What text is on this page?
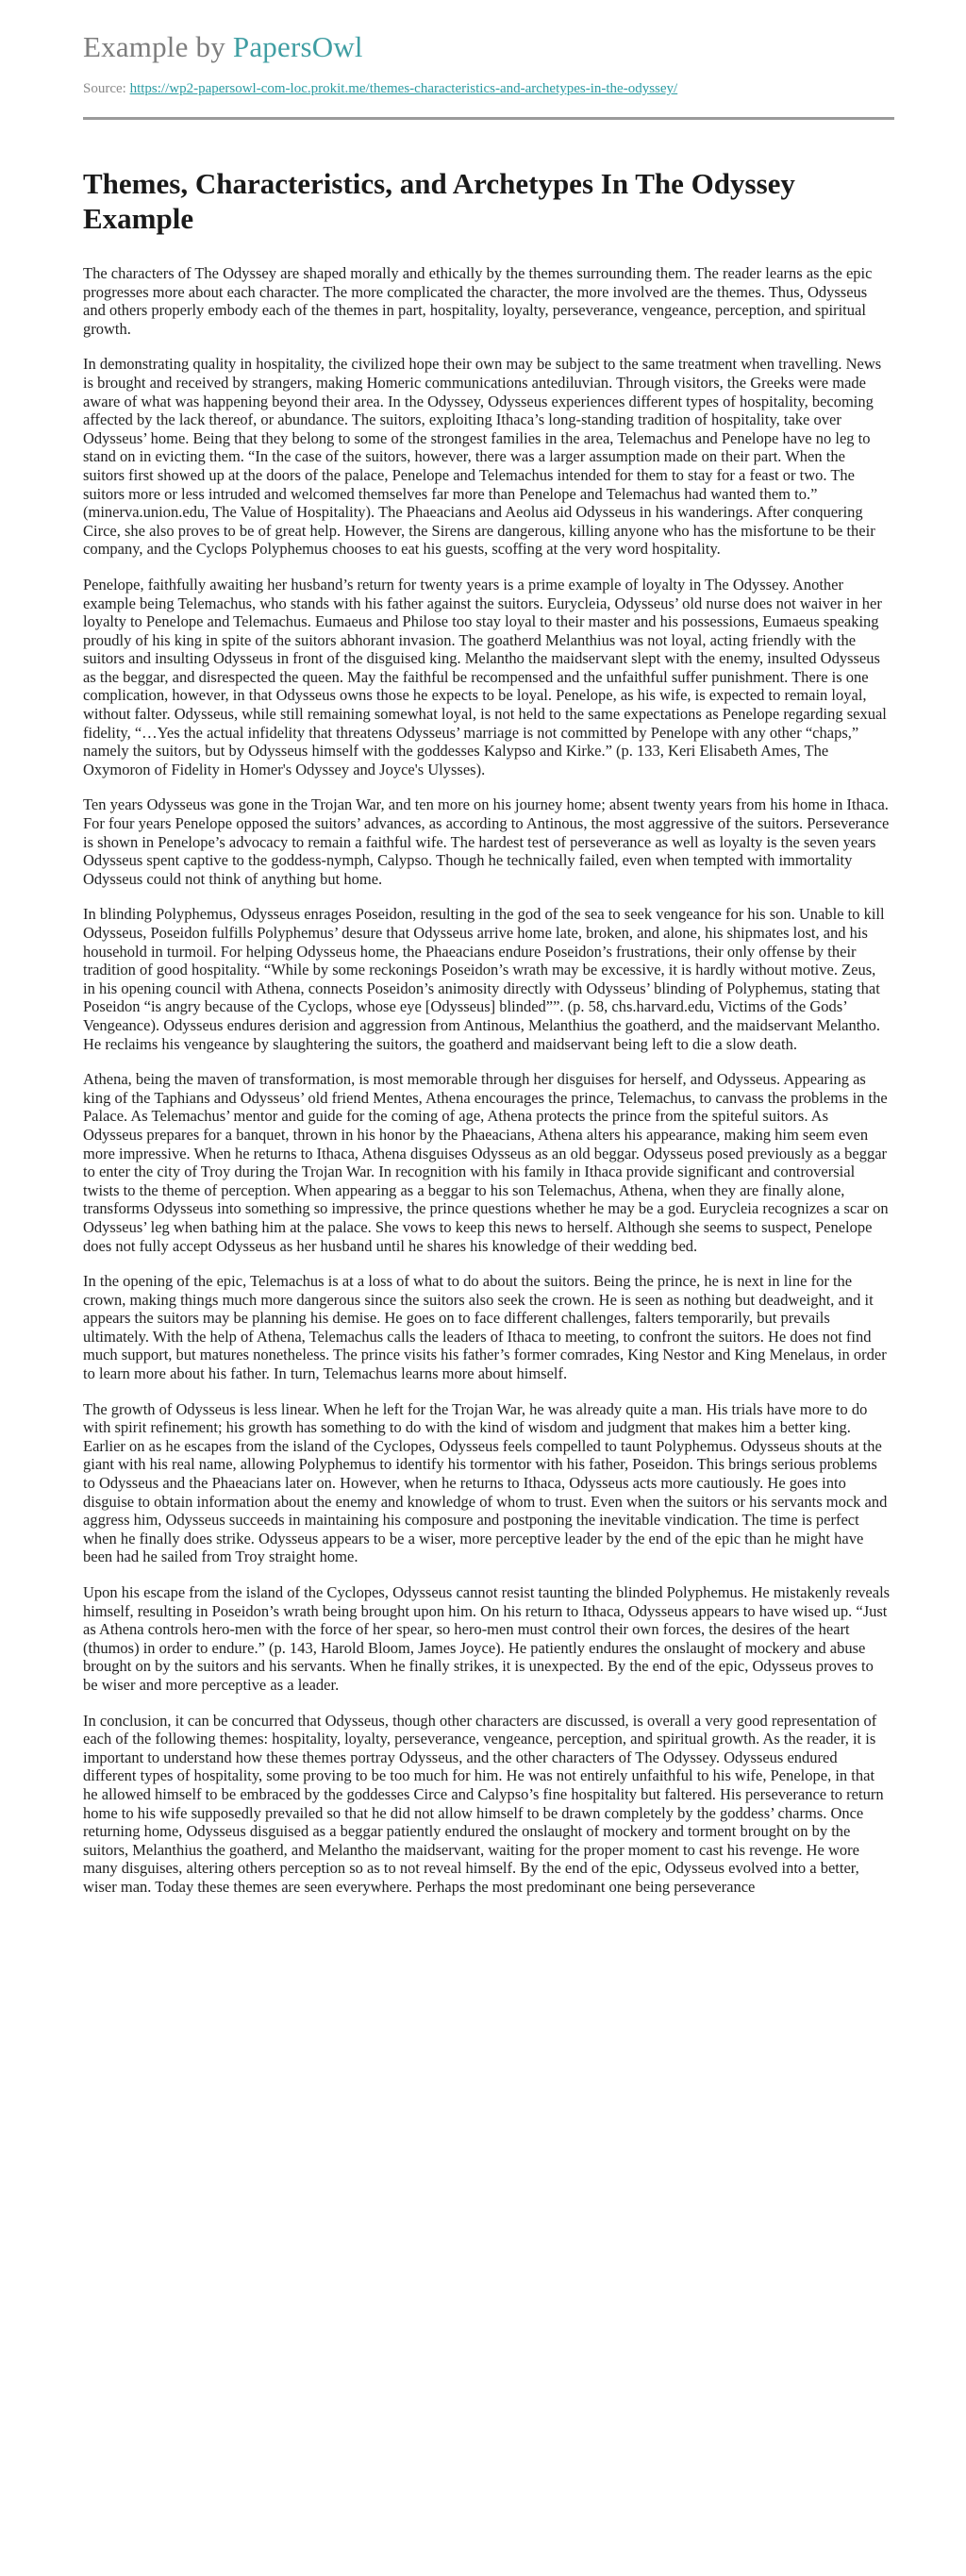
Example by PapersOwl

Source: https://wp2-papersowl-com-loc.prokit.me/themes-characteristics-and-archetypes-in-the-odyssey/
Themes, Characteristics, and Archetypes In The Odyssey Example

The characters of The Odyssey are shaped morally and ethically by the themes surrounding them. The reader learns as the epic progresses more about each character. The more complicated the character, the more involved are the themes. Thus, Odysseus and others properly embody each of the themes in part, hospitality, loyalty, perseverance, vengeance, perception, and spiritual growth.

In demonstrating quality in hospitality, the civilized hope their own may be subject to the same treatment when travelling. News is brought and received by strangers, making Homeric communications antediluvian. Through visitors, the Greeks were made aware of what was happening beyond their area. In the Odyssey, Odysseus experiences different types of hospitality, becoming affected by the lack thereof, or abundance. The suitors, exploiting Ithaca’s long-standing tradition of hospitality, take over Odysseus’ home. Being that they belong to some of the strongest families in the area, Telemachus and Penelope have no leg to stand on in evicting them. “In the case of the suitors, however, there was a larger assumption made on their part. When the suitors first showed up at the doors of the palace, Penelope and Telemachus intended for them to stay for a feast or two. The suitors more or less intruded and welcomed themselves far more than Penelope and Telemachus had wanted them to.” (minerva.union.edu, The Value of Hospitality). The Phaeacians and Aeolus aid Odysseus in his wanderings. After conquering Circe, she also proves to be of great help. However, the Sirens are dangerous, killing anyone who has the misfortune to be their company, and the Cyclops Polyphemus chooses to eat his guests, scoffing at the very word hospitality.

Penelope, faithfully awaiting her husband’s return for twenty years is a prime example of loyalty in The Odyssey. Another example being Telemachus, who stands with his father against the suitors. Eurycleia, Odysseus’ old nurse does not waiver in her loyalty to Penelope and Telemachus. Eumaeus and Philose too stay loyal to their master and his possessions, Eumaeus speaking proudly of his king in spite of the suitors abhorant invasion. The goatherd Melanthius was not loyal, acting friendly with the suitors and insulting Odysseus in front of the disguised king. Melantho the maidservant slept with the enemy, insulted Odysseus as the beggar, and disrespected the queen. May the faithful be recompensed and the unfaithful suffer punishment. There is one complication, however, in that Odysseus owns those he expects to be loyal. Penelope, as his wife, is expected to remain loyal, without falter. Odysseus, while still remaining somewhat loyal, is not held to the same expectations as Penelope regarding sexual fidelity, “…Yes the actual infidelity that threatens Odysseus’ marriage is not committed by Penelope with any other “chaps,” namely the suitors, but by Odysseus himself with the goddesses Kalypso and Kirke.” (p. 133, Keri Elisabeth Ames, The Oxymoron of Fidelity in Homer's Odyssey and Joyce's Ulysses).

Ten years Odysseus was gone in the Trojan War, and ten more on his journey home; absent twenty years from his home in Ithaca. For four years Penelope opposed the suitors’ advances, as according to Antinous, the most aggressive of the suitors. Perseverance is shown in Penelope’s advocacy to remain a faithful wife. The hardest test of perseverance as well as loyalty is the seven years Odysseus spent captive to the goddess-nymph, Calypso. Though he technically failed, even when tempted with immortality Odysseus could not think of anything but home.

In blinding Polyphemus, Odysseus enrages Poseidon, resulting in the god of the sea to seek vengeance for his son. Unable to kill Odysseus, Poseidon fulfills Polyphemus’ desure that Odysseus arrive home late, broken, and alone, his shipmates lost, and his household in turmoil. For helping Odysseus home, the Phaeacians endure Poseidon’s frustrations, their only offense by their tradition of good hospitality. “While by some reckonings Poseidon’s wrath may be excessive, it is hardly without motive. Zeus, in his opening council with Athena, connects Poseidon’s animosity directly with Odysseus’ blinding of Polyphemus, stating that Poseidon “is angry because of the Cyclops, whose eye [Odysseus] blinded””. (p. 58, chs.harvard.edu, Victims of the Gods’ Vengeance). Odysseus endures derision and aggression from Antinous, Melanthius the goatherd, and the maidservant Melantho. He reclaims his vengeance by slaughtering the suitors, the goatherd and maidservant being left to die a slow death.

Athena, being the maven of transformation, is most memorable through her disguises for herself, and Odysseus. Appearing as king of the Taphians and Odysseus’ old friend Mentes, Athena encourages the prince, Telemachus, to canvass the problems in the Palace. As Telemachus’ mentor and guide for the coming of age, Athena protects the prince from the spiteful suitors. As Odysseus prepares for a banquet, thrown in his honor by the Phaeacians, Athena alters his appearance, making him seem even more impressive. When he returns to Ithaca, Athena disguises Odysseus as an old beggar. Odysseus posed previously as a beggar to enter the city of Troy during the Trojan War. In recognition with his family in Ithaca provide significant and controversial twists to the theme of perception. When appearing as a beggar to his son Telemachus, Athena, when they are finally alone, transforms Odysseus into something so impressive, the prince questions whether he may be a god. Eurycleia recognizes a scar on Odysseus’ leg when bathing him at the palace. She vows to keep this news to herself. Although she seems to suspect, Penelope does not fully accept Odysseus as her husband until he shares his knowledge of their wedding bed.

In the opening of the epic, Telemachus is at a loss of what to do about the suitors. Being the prince, he is next in line for the crown, making things much more dangerous since the suitors also seek the crown. He is seen as nothing but deadweight, and it appears the suitors may be planning his demise. He goes on to face different challenges, falters temporarily, but prevails ultimately. With the help of Athena, Telemachus calls the leaders of Ithaca to meeting, to confront the suitors. He does not find much support, but matures nonetheless. The prince visits his father’s former comrades, King Nestor and King Menelaus, in order to learn more about his father. In turn, Telemachus learns more about himself.

The growth of Odysseus is less linear. When he left for the Trojan War, he was already quite a man. His trials have more to do with spirit refinement; his growth has something to do with the kind of wisdom and judgment that makes him a better king. Earlier on as he escapes from the island of the Cyclopes, Odysseus feels compelled to taunt Polyphemus. Odysseus shouts at the giant with his real name, allowing Polyphemus to identify his tormentor with his father, Poseidon. This brings serious problems to Odysseus and the Phaeacians later on. However, when he returns to Ithaca, Odysseus acts more cautiously. He goes into disguise to obtain information about the enemy and knowledge of whom to trust. Even when the suitors or his servants mock and aggress him, Odysseus succeeds in maintaining his composure and postponing the inevitable vindication. The time is perfect when he finally does strike. Odysseus appears to be a wiser, more perceptive leader by the end of the epic than he might have been had he sailed from Troy straight home.

Upon his escape from the island of the Cyclopes, Odysseus cannot resist taunting the blinded Polyphemus. He mistakenly reveals himself, resulting in Poseidon’s wrath being brought upon him. On his return to Ithaca, Odysseus appears to have wised up. “Just as Athena controls hero-men with the force of her spear, so hero-men must control their own forces, the desires of the heart (thumos) in order to endure.” (p. 143, Harold Bloom, James Joyce). He patiently endures the onslaught of mockery and abuse brought on by the suitors and his servants. When he finally strikes, it is unexpected. By the end of the epic, Odysseus proves to be wiser and more perceptive as a leader.

In conclusion, it can be concurred that Odysseus, though other characters are discussed, is overall a very good representation of each of the following themes: hospitality, loyalty, perseverance, vengeance, perception, and spiritual growth. As the reader, it is important to understand how these themes portray Odysseus, and the other characters of The Odyssey. Odysseus endured different types of hospitality, some proving to be too much for him. He was not entirely unfaithful to his wife, Penelope, in that he allowed himself to be embraced by the goddesses Circe and Calypso’s fine hospitality but faltered. His perseverance to return home to his wife supposedly prevailed so that he did not allow himself to be drawn completely by the goddess’ charms. Once returning home, Odysseus disguised as a beggar patiently endured the onslaught of mockery and torment brought on by the suitors, Melanthius the goatherd, and Melantho the maidservant, waiting for the proper moment to cast his revenge. He wore many disguises, altering others perception so as to not reveal himself. By the end of the epic, Odysseus evolved into a better, wiser man. Today these themes are seen everywhere. Perhaps the most predominant one being perseverance
